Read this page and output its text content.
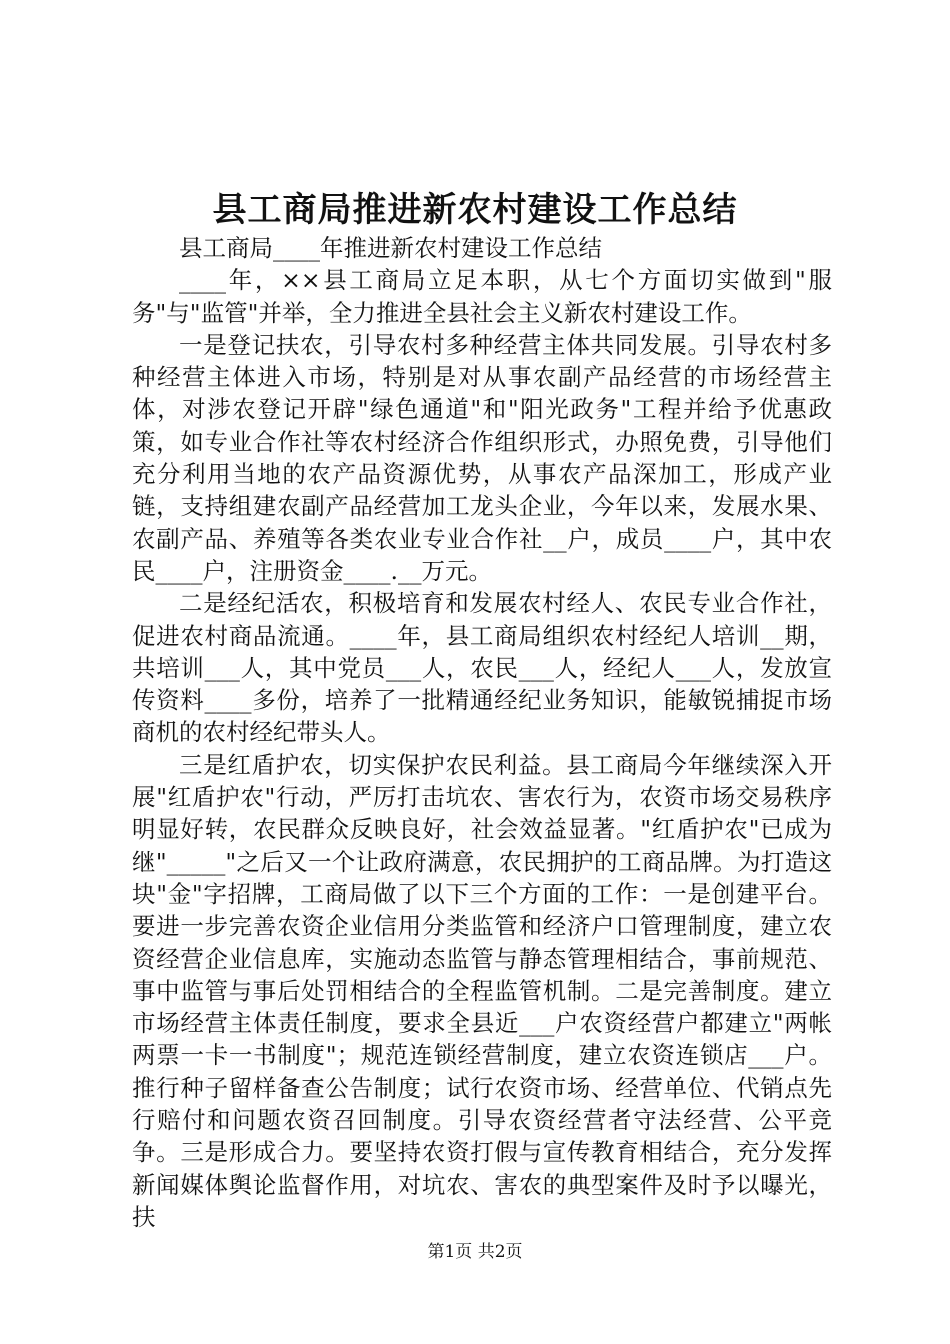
县工商局推进新农村建设工作总结

县工商局____年推进新农村建设工作总结

____年，××县工商局立足本职，从七个方面切实做到"服务"与"监管"并举，全力推进全县社会主义新农村建设工作。

一是登记扶农，引导农村多种经营主体共同发展。引导农村多种经营主体进入市场，特别是对从事农副产品经营的市场经营主体，对涉农登记开辟"绿色通道"和"阳光政务"工程并给予优惠政策，如专业合作社等农村经济合作组织形式，办照免费，引导他们充分利用当地的农产品资源优势，从事农产品深加工，形成产业链，支持组建农副产品经营加工龙头企业，今年以来，发展水果、农副产品、养殖等各类农业专业合作社__户，成员____户，其中农民____户，注册资金____.__万元。

二是经纪活农，积极培育和发展农村经人、农民专业合作社，促进农村商品流通。____年，县工商局组织农村经纪人培训__期，共培训___人，其中党员___人，农民___人，经纪人___人，发放宣传资料____多份，培养了一批精通经纪业务知识，能敏锐捕捉市场商机的农村经纪带头人。

三是红盾护农，切实保护农民利益。县工商局今年继续深入开展"红盾护农"行动，严厉打击坑农、害农行为，农资市场交易秩序明显好转，农民群众反映良好，社会效益显著。"红盾护农"已成为继"_____"之后又一个让政府满意，农民拥护的工商品牌。为打造这块"金"字招牌，工商局做了以下三个方面的工作：一是创建平台。要进一步完善农资企业信用分类监管和经济户口管理制度，建立农资经营企业信息库，实施动态监管与静态管理相结合，事前规范、事中监管与事后处罚相结合的全程监管机制。二是完善制度。建立市场经营主体责任制度，要求全县近___户农资经营户都建立"两帐两票一卡一书制度"；规范连锁经营制度，建立农资连锁店___户。推行种子留样备查公告制度；试行农资市场、经营单位、代销点先行赔付和问题农资召回制度。引导农资经营者守法经营、公平竞争。三是形成合力。要坚持农资打假与宣传教育相结合，充分发挥新闻媒体舆论监督作用，对坑农、害农的典型案件及时予以曝光，扶

第1页 共2页
